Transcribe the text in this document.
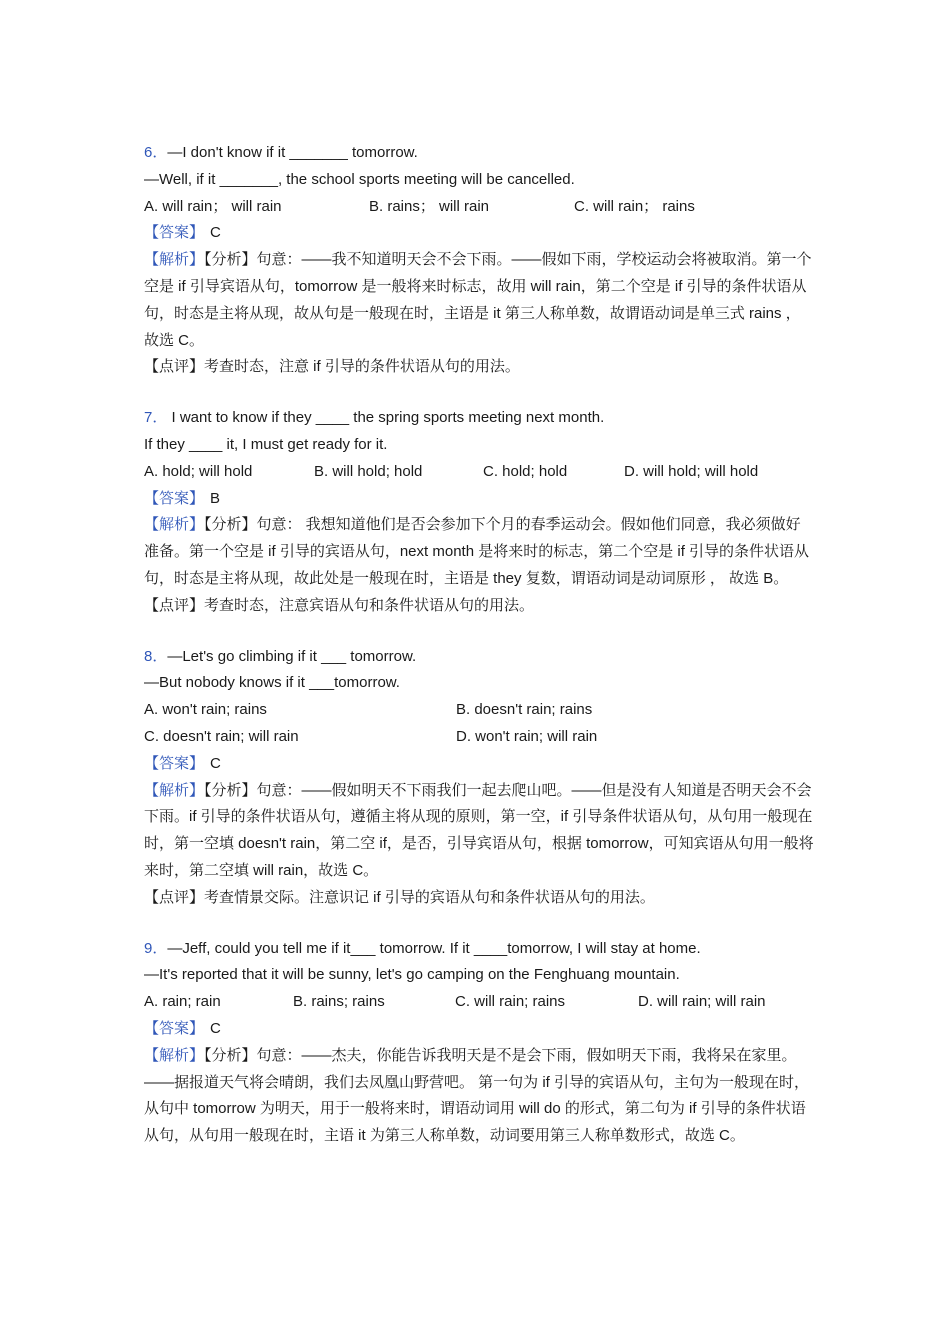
6．—I don't know if it _______ tomorrow.
—Well, if it _______, the school sports meeting will be cancelled.
A. will rain； will rain	B. rains； will rain	C. will rain； rains
【答案】 C
【解析】【分析】句意：——我不知道明天会不会下雨。——假如下雨，学校运动会将被取消。第一个空是 if 引导宾语从句，tomorrow 是一般将来时标志，故用 will rain，第二个空是 if 引导的条件状语从句，时态是主将从现，故从句是一般现在时，主语是 it 第三人称单数，故谓语动词是单三式 rains ， 故选 C。
【点评】考查时态，注意 if 引导的条件状语从句的用法。
7． I want to know if they ____ the spring sports meeting next month.
If they ____ it, I must get ready for it.
A. hold; will hold	B. will hold; hold	C. hold; hold	D. will hold; will hold
【答案】 B
【解析】【分析】句意： 我想知道他们是否会参加下个月的春季运动会。假如他们同意，我必须做好准备。第一个空是 if 引导的宾语从句，next month 是将来时的标志，第二个空是 if 引导的条件状语从句，时态是主将从现，故此处是一般现在时，主语是 they 复数，谓语动词是动词原形 ， 故选 B。
【点评】考查时态，注意宾语从句和条件状语从句的用法。
8．—Let's go climbing if it ___ tomorrow.
—But nobody knows if it ___tomorrow.
A. won't rain; rains	B. doesn't rain; rains
C. doesn't rain; will rain	D. won't rain; will rain
【答案】 C
【解析】【分析】句意：——假如明天不下雨我们一起去爬山吧。——但是没有人知道是否明天会不会下雨。if 引导的条件状语从句，遵循主将从现的原则，第一空，if 引导条件状语从句，从句用一般现在时，第一空填 doesn't rain，第二空 if，是否，引导宾语从句，根据 tomorrow，可知宾语从句用一般将来时，第二空填 will rain，故选 C。
【点评】考查情景交际。注意识记 if 引导的宾语从句和条件状语从句的用法。
9．—Jeff, could you tell me if it___ tomorrow. If it ____tomorrow, I will stay at home.
—It's reported that it will be sunny, let's go camping on the Fenghuang mountain.
A. rain; rain	B. rains; rains	C. will rain; rains	D. will rain; will rain
【答案】 C
【解析】【分析】句意：——杰夫，你能告诉我明天是不是会下雨，假如明天下雨，我将呆在家里。——据报道天气将会晴朗，我们去凤凰山野营吧。 第一句为 if 引导的宾语从句，主句为一般现在时，从句中 tomorrow 为明天，用于一般将来时，谓语动词用 will do 的形式，第二句为 if 引导的条件状语从句，从句用一般现在时，主语 it 为第三人称单数，动词要用第三人称单数形式，故选 C。
